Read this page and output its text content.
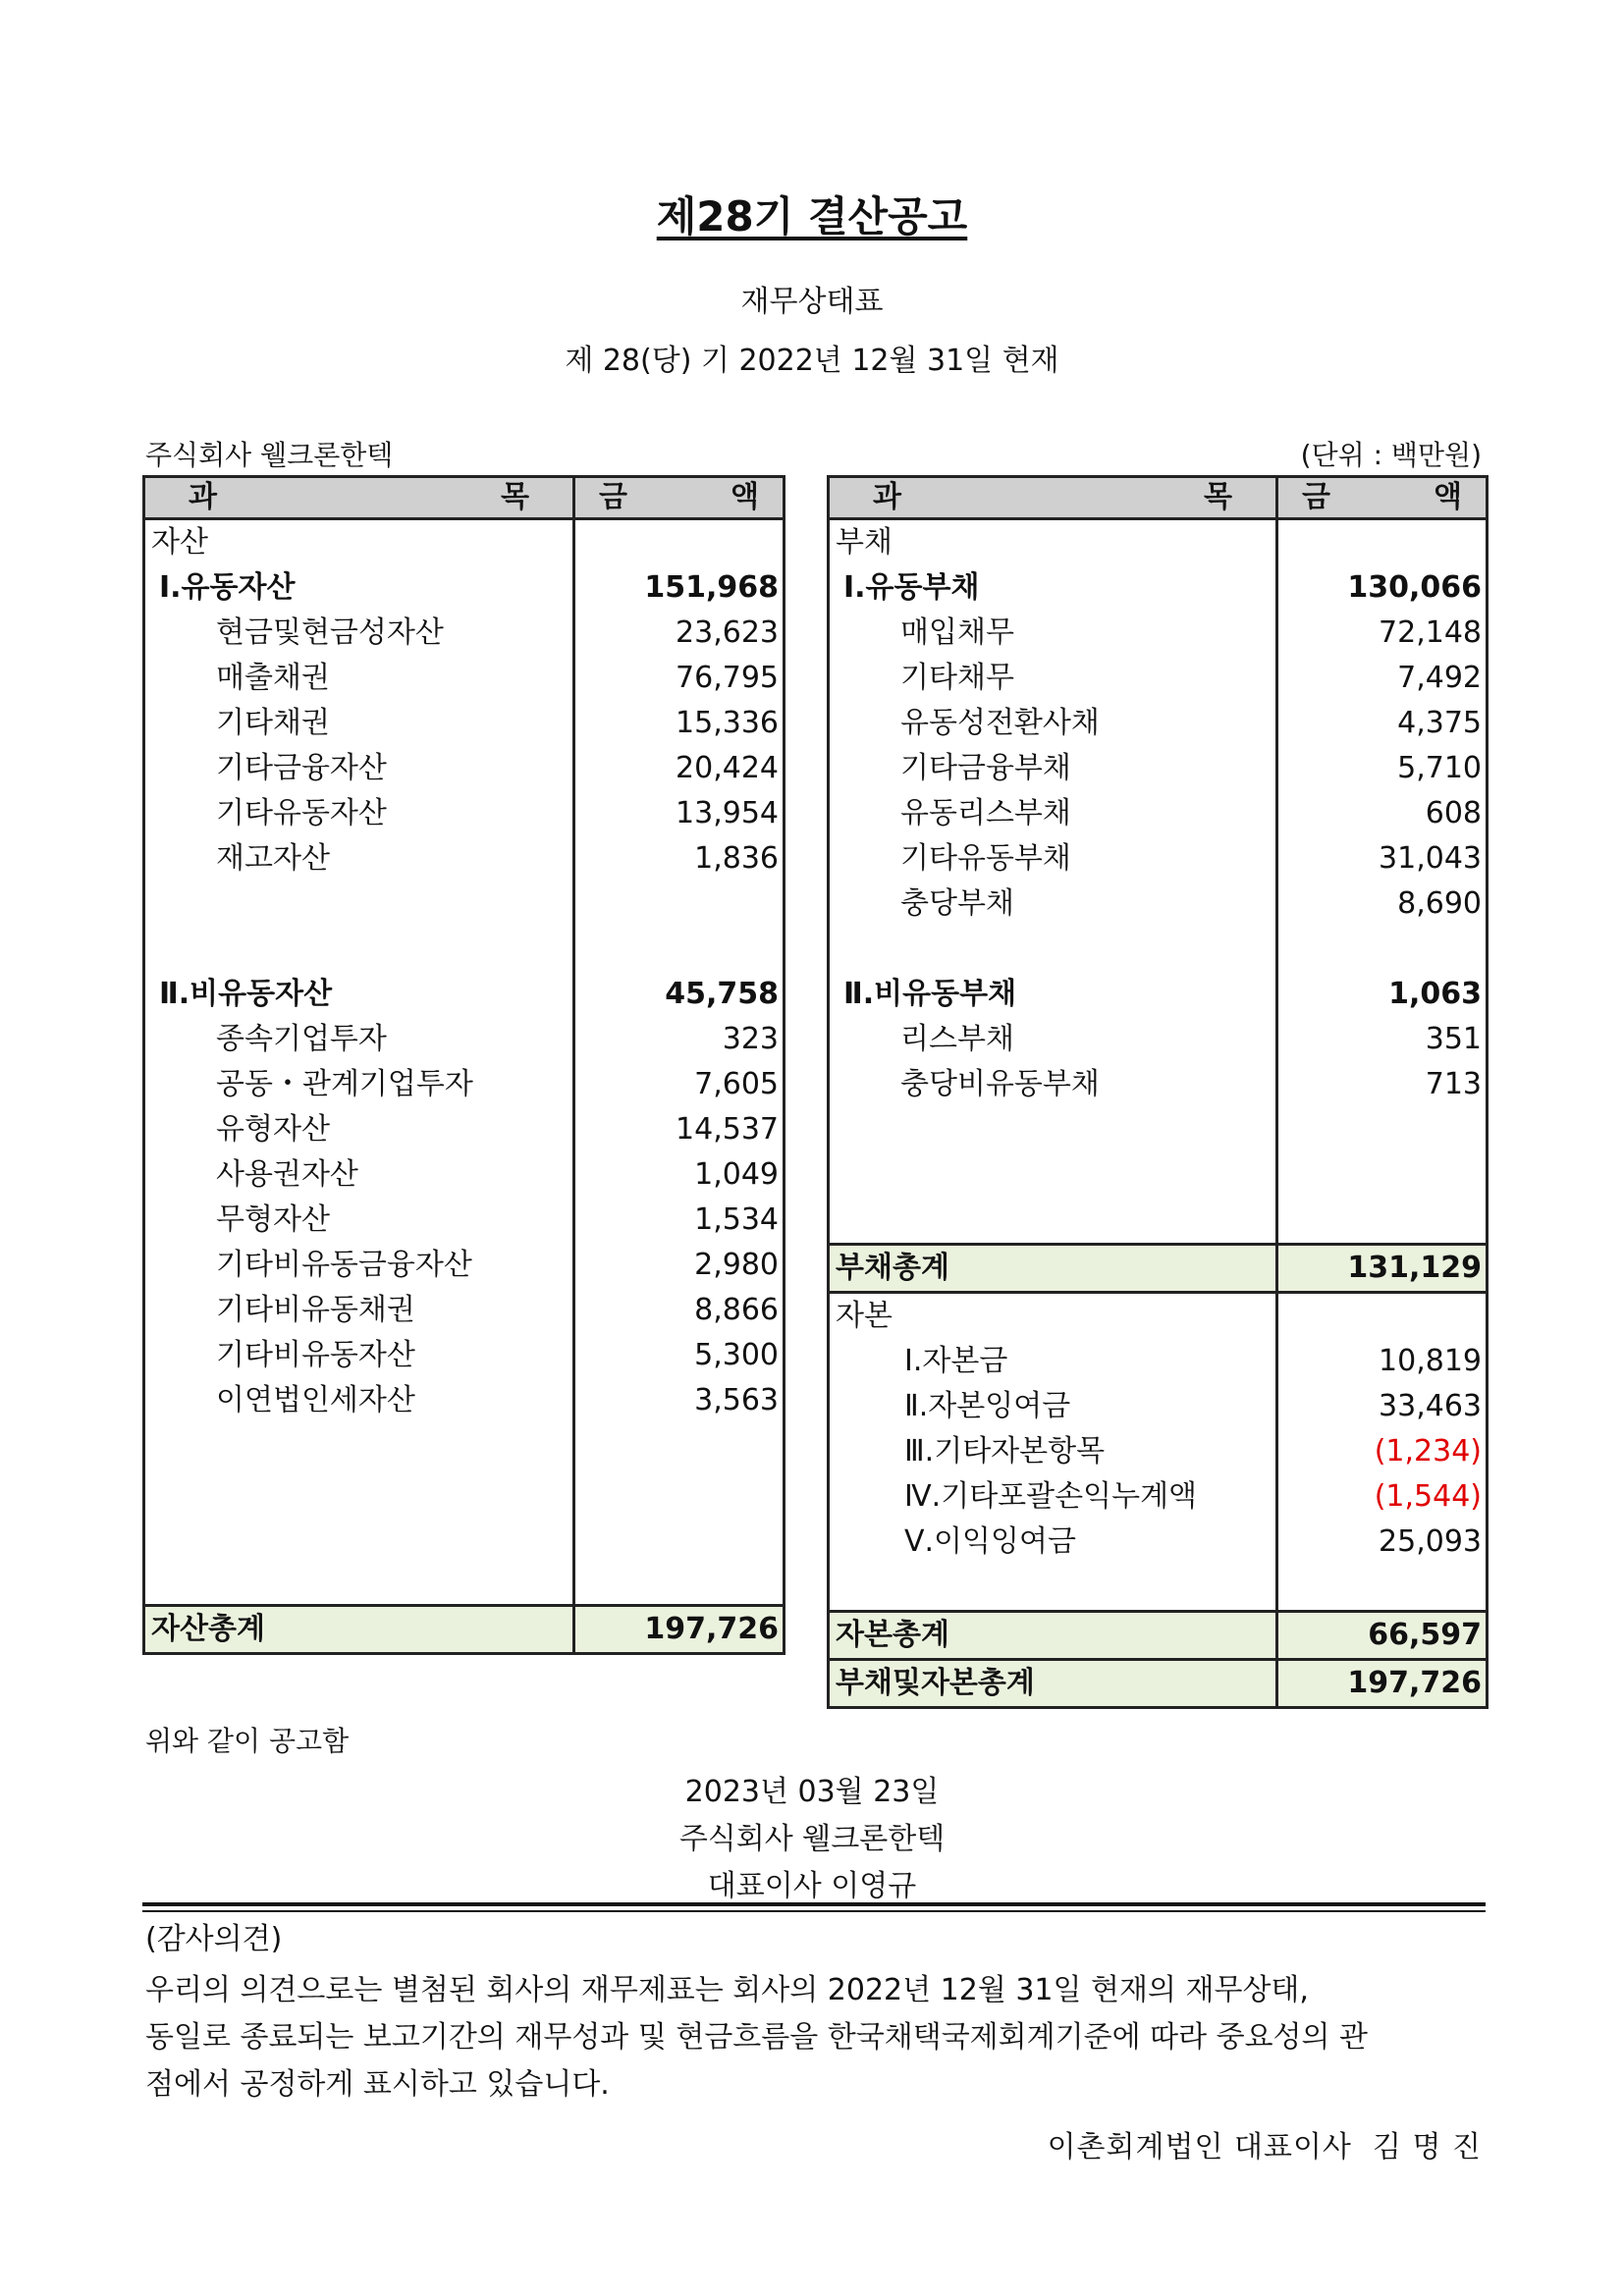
제28기 결산공고
재무상태표
제 28(당) 기 2022년 12월 31일 현재
주식회사 웰크론한텍	(단위 : 백만원)
과 목	금 액

자산	
Ⅰ.유동자산	151,968
현금및현금성자산	23,623
매출채권	76,795
기타채권	15,336
기타금융자산	20,424
기타유동자산	13,954
재고자산	1,836

Ⅱ.비유동자산	45,758
종속기업투자	323
공동・관계기업투자	7,605
유형자산	14,537
사용권자산	1,049
무형자산	1,534
기타비유동금융자산	2,980
기타비유동채권	8,866
기타비유동자산	5,300
이연법인세자산	3,563

자산총계	197,726
과 목	금 액

부채	
Ⅰ.유동부채	130,066
매입채무	72,148
기타채무	7,492
유동성전환사채	4,375
기타금융부채	5,710
유동리스부채	608
기타유동부채	31,043
충당부채	8,690

Ⅱ.비유동부채	1,063
리스부채	351
충당비유동부채	713

부채총계	131,129
자본	
Ⅰ.자본금	10,819
Ⅱ.자본잉여금	33,463
Ⅲ.기타자본항목	(1,234)
Ⅳ.기타포괄손익누계액	(1,544)
Ⅴ.이익잉여금	25,093

자본총계	66,597
부채및자본총계	197,726
위와 같이 공고함
2023년 03월 23일
주식회사 웰크론한텍
대표이사 이영규
(감사의견)
우리의 의견으로는 별첨된 회사의 재무제표는 회사의 2022년 12월 31일 현재의 재무상태,
동일로 종료되는 보고기간의 재무성과 및 현금흐름을 한국채택국제회계기준에 따라 중요성의 관
점에서 공정하게 표시하고 있습니다.
이촌회계법인 대표이사  김 명 진
